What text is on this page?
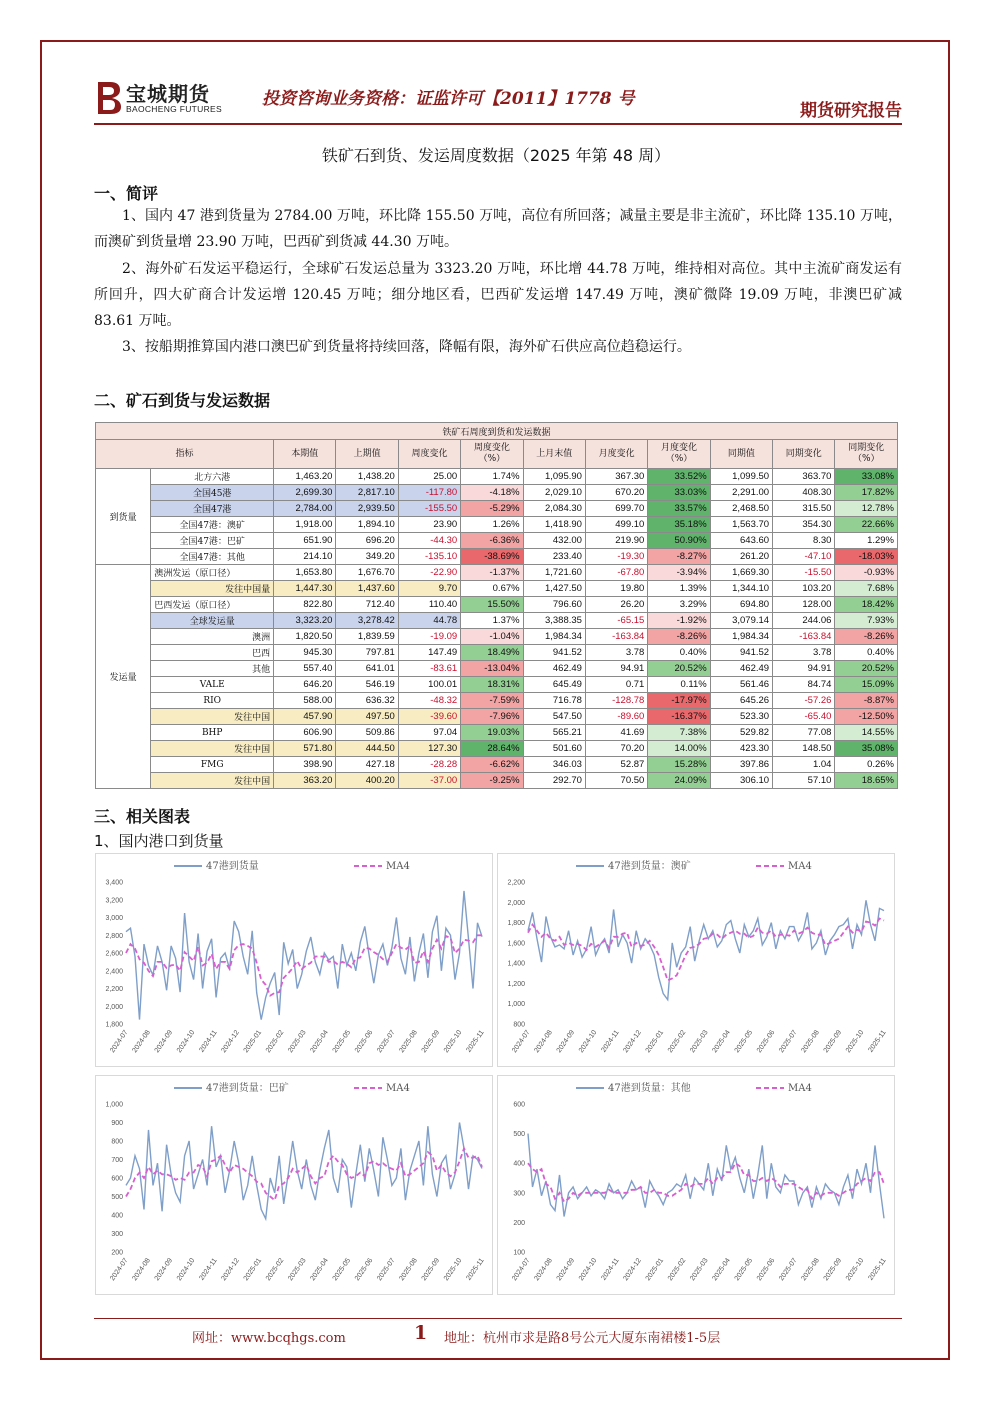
宝城期货
BAOCHENG FUTURES 投资咨询业务资格：证监许可【2011】1778 号
期货研究报告
铁矿石到货、发运周度数据（2025 年第 48 周）
一、简评
1、国内 47 港到货量为 2784.00 万吨，环比降 155.50 万吨，高位有所回落；减量主要是非主流矿，环比降 135.10 万吨，而澳矿到货量增 23.90 万吨，巴西矿到货减 44.30 万吨。
2、海外矿石发运平稳运行，全球矿石发运总量为 3323.20 万吨，环比增 44.78 万吨，维持相对高位。其中主流矿商发运有所回升，四大矿商合计发运增 120.45 万吨；细分地区看，巴西矿发运增 147.49 万吨，澳矿微降 19.09 万吨，非澳巴矿减 83.61 万吨。
3、按船期推算国内港口澳巴矿到货量将持续回落，降幅有限，海外矿石供应高位趋稳运行。
二、矿石到货与发运数据
铁矿石周度到货和发运数据											
指标		本期值	上期值	周度变化	周度变化（%）	上月末值	月度变化	月度变化（%）	同期值	同期变化	同期变化（%）
到货量	北方六港	1,463.20	1,438.20	25.00	1.74%	1,095.90	367.30	33.52%	1,099.50	363.70	33.08%
	全国45港	2,699.30	2,817.10	-117.80	-4.18%	2,029.10	670.20	33.03%	2,291.00	408.30	17.82%
	全国47港	2,784.00	2,939.50	-155.50	-5.29%	2,084.30	699.70	33.57%	2,468.50	315.50	12.78%
	全国47港：澳矿	1,918.00	1,894.10	23.90	1.26%	1,418.90	499.10	35.18%	1,563.70	354.30	22.66%
	全国47港：巴矿	651.90	696.20	-44.30	-6.36%	432.00	219.90	50.90%	643.60	8.30	1.29%
	全国47港：其他	214.10	349.20	-135.10	-38.69%	233.40	-19.30	-8.27%	261.20	-47.10	-18.03%
发运量	澳洲发运（原口径）	1,653.80	1,676.70	-22.90	-1.37%	1,721.60	-67.80	-3.94%	1,669.30	-15.50	-0.93%
	发往中国量	1,447.30	1,437.60	9.70	0.67%	1,427.50	19.80	1.39%	1,344.10	103.20	7.68%
	巴西发运（原口径）	822.80	712.40	110.40	15.50%	796.60	26.20	3.29%	694.80	128.00	18.42%
	全球发运量	3,323.20	3,278.42	44.78	1.37%	3,388.35	-65.15	-1.92%	3,079.14	244.06	7.93%
	澳洲	1,820.50	1,839.59	-19.09	-1.04%	1,984.34	-163.84	-8.26%	1,984.34	-163.84	-8.26%
	巴西	945.30	797.81	147.49	18.49%	941.52	3.78	0.40%	941.52	3.78	0.40%
	其他	557.40	641.01	-83.61	-13.04%	462.49	94.91	20.52%	462.49	94.91	20.52%
	VALE	646.20	546.19	100.01	18.31%	645.49	0.71	0.11%	561.46	84.74	15.09%
	RIO	588.00	636.32	-48.32	-7.59%	716.78	-128.78	-17.97%	645.26	-57.26	-8.87%
	发往中国	457.90	497.50	-39.60	-7.96%	547.50	-89.60	-16.37%	523.30	-65.40	-12.50%
	BHP	606.90	509.86	97.04	19.03%	565.21	41.69	7.38%	529.82	77.08	14.55%
	发往中国	571.80	444.50	127.30	28.64%	501.60	70.20	14.00%	423.30	148.50	35.08%
	FMG	398.90	427.18	-28.28	-6.62%	346.03	52.87	15.28%	397.86	1.04	0.26%
	发往中国	363.20	400.20	-37.00	-9.25%	292.70	70.50	24.09%	306.10	57.10	18.65%
三、相关图表
1、国内港口到货量
1,800
2,000
2,200
2,400
2,600
2,800
3,000
3,200
3,400
2024-07 2024-08 2024-09 2024-10 2024-11 2024-12 2025-01 2025-02 2025-03 2025-04 2025-05 2025-06 2025-07 2025-08 2025-09 2025-10 2025-11
47港到货量	MA4
800
1,000
1,200
1,400
1,600
1,800
2,000
2,200
2024-07 2024-08 2024-09 2024-10 2024-11 2024-12 2025-01 2025-02 2025-03 2025-04 2025-05 2025-06 2025-07 2025-08 2025-09 2025-10 2025-11
47港到货量：澳矿	MA4
200
300
400
500
600
700
800
900
1,000
2024-07 2024-08 2024-09 2024-10 2024-11 2024-12 2025-01 2025-02 2025-03 2025-04 2025-05 2025-06 2025-07 2025-08 2025-09 2025-10 2025-11
47港到货量：巴矿	MA4
100
200
300
400
500
600
2024-07 2024-08 2024-09 2024-10 2024-11 2024-12 2025-01 2025-02 2025-03 2025-04 2025-05 2025-06 2025-07 2025-08 2025-09 2025-10 2025-11
47港到货量：其他	MA4
网址：www.bcqhgs.com	1 地址：杭州市求是路8号公元大厦东南裙楼1-5层
